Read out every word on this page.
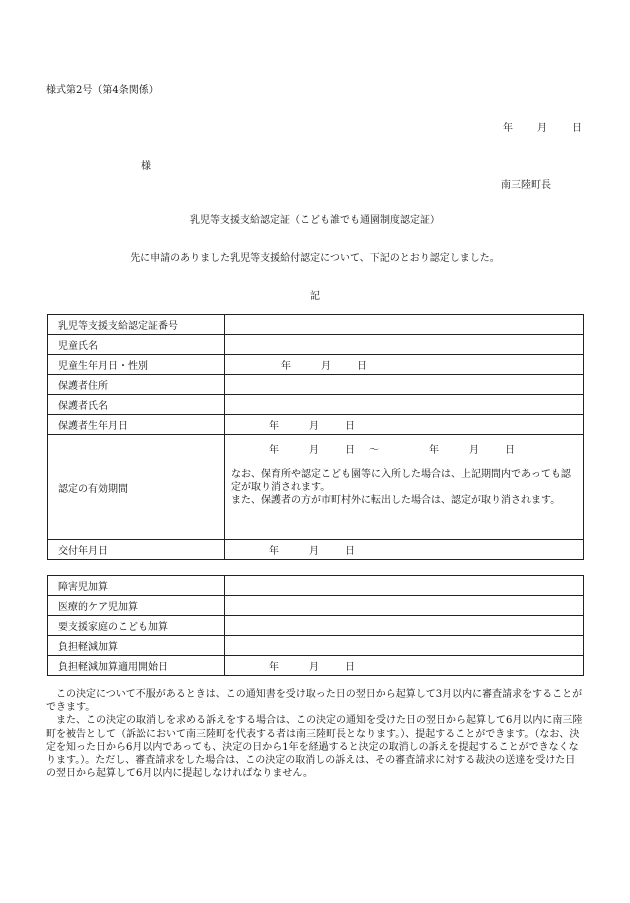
様式第2号（第4条関係）
年 月	日
様
南三陸町長
乳児等支援支給認定証（こども誰でも通園制度認定証）
先に申請のありました乳児等支援給付認定について、下記のとおり認定しました。
記
乳児等支援支給認定証番号	
児童氏名	
児童生年月日・性別	年 月 日
保護者住所	
保護者氏名	
保護者生年月日	年 月 日
認定の有効期間	年 月 日 ～ 年 月 日
なお、保育所や認定こども園等に入所した場合は、上記期間内であっても認定が取り消されます。
また、保護者の方が市町村外に転出した場合は、認定が取り消されます。

交付年月日	年 月 日
障害児加算	
医療的ケア児加算	
要支援家庭のこども加算	
負担軽減加算	
負担軽減加算適用開始日	年 月 日

この決定について不服があるときは、この通知書を受け取った日の翌日から起算して3月以内に審査請求をすることができます。

また、この決定の取消しを求める訴えをする場合は、この決定の通知を受けた日の翌日から起算して6月以内に南三陸町を被告として（訴訟において南三陸町を代表する者は南三陸町長となります。）、提起することができます。（なお、決定を知った日から6月以内であっても、決定の日から1年を経過すると決定の取消しの訴えを提起することができなくなります。）。ただし、審査請求をした場合は、この決定の取消しの訴えは、その審査請求に対する裁決の送達を受けた日の翌日から起算して6月以内に提起しなければなりません。
